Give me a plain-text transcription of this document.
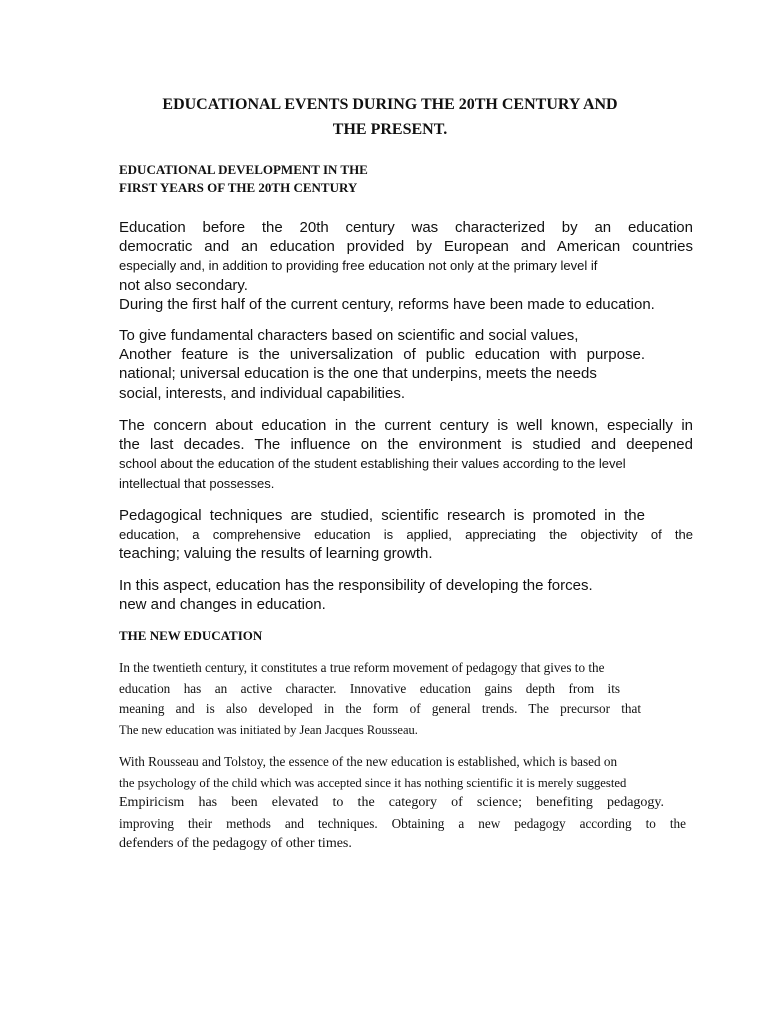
EDUCATIONAL EVENTS DURING THE 20TH CENTURY AND
THE PRESENT.
EDUCATIONAL DEVELOPMENT IN THE
FIRST YEARS OF THE 20TH CENTURY
Education before the 20th century was characterized by an education
democratic and an education provided by European and American countries
especially and, in addition to providing free education not only at the primary level if
not also secondary.
During the first half of the current century, reforms have been made to education.
To give fundamental characters based on scientific and social values,
Another feature is the universalization of public education with purpose.
national; universal education is the one that underpins, meets the needs
social, interests, and individual capabilities.
The concern about education in the current century is well known, especially in
the last decades. The influence on the environment is studied and deepened
school about the education of the student establishing their values according to the level
intellectual that possesses.
Pedagogical techniques are studied, scientific research is promoted in the
education, a comprehensive education is applied, appreciating the objectivity of the
teaching; valuing the results of learning growth.
In this aspect, education has the responsibility of developing the forces.
new and changes in education.
THE NEW EDUCATION
In the twentieth century, it constitutes a true reform movement of pedagogy that gives to the
education has an active character. Innovative education gains depth from its
meaning and is also developed in the form of general trends. The precursor that
The new education was initiated by Jean Jacques Rousseau.
With Rousseau and Tolstoy, the essence of the new education is established, which is based on
the psychology of the child which was accepted since it has nothing scientific it is merely suggested
Empiricism has been elevated to the category of science; benefiting pedagogy.
improving their methods and techniques. Obtaining a new pedagogy according to the
defenders of the pedagogy of other times.
